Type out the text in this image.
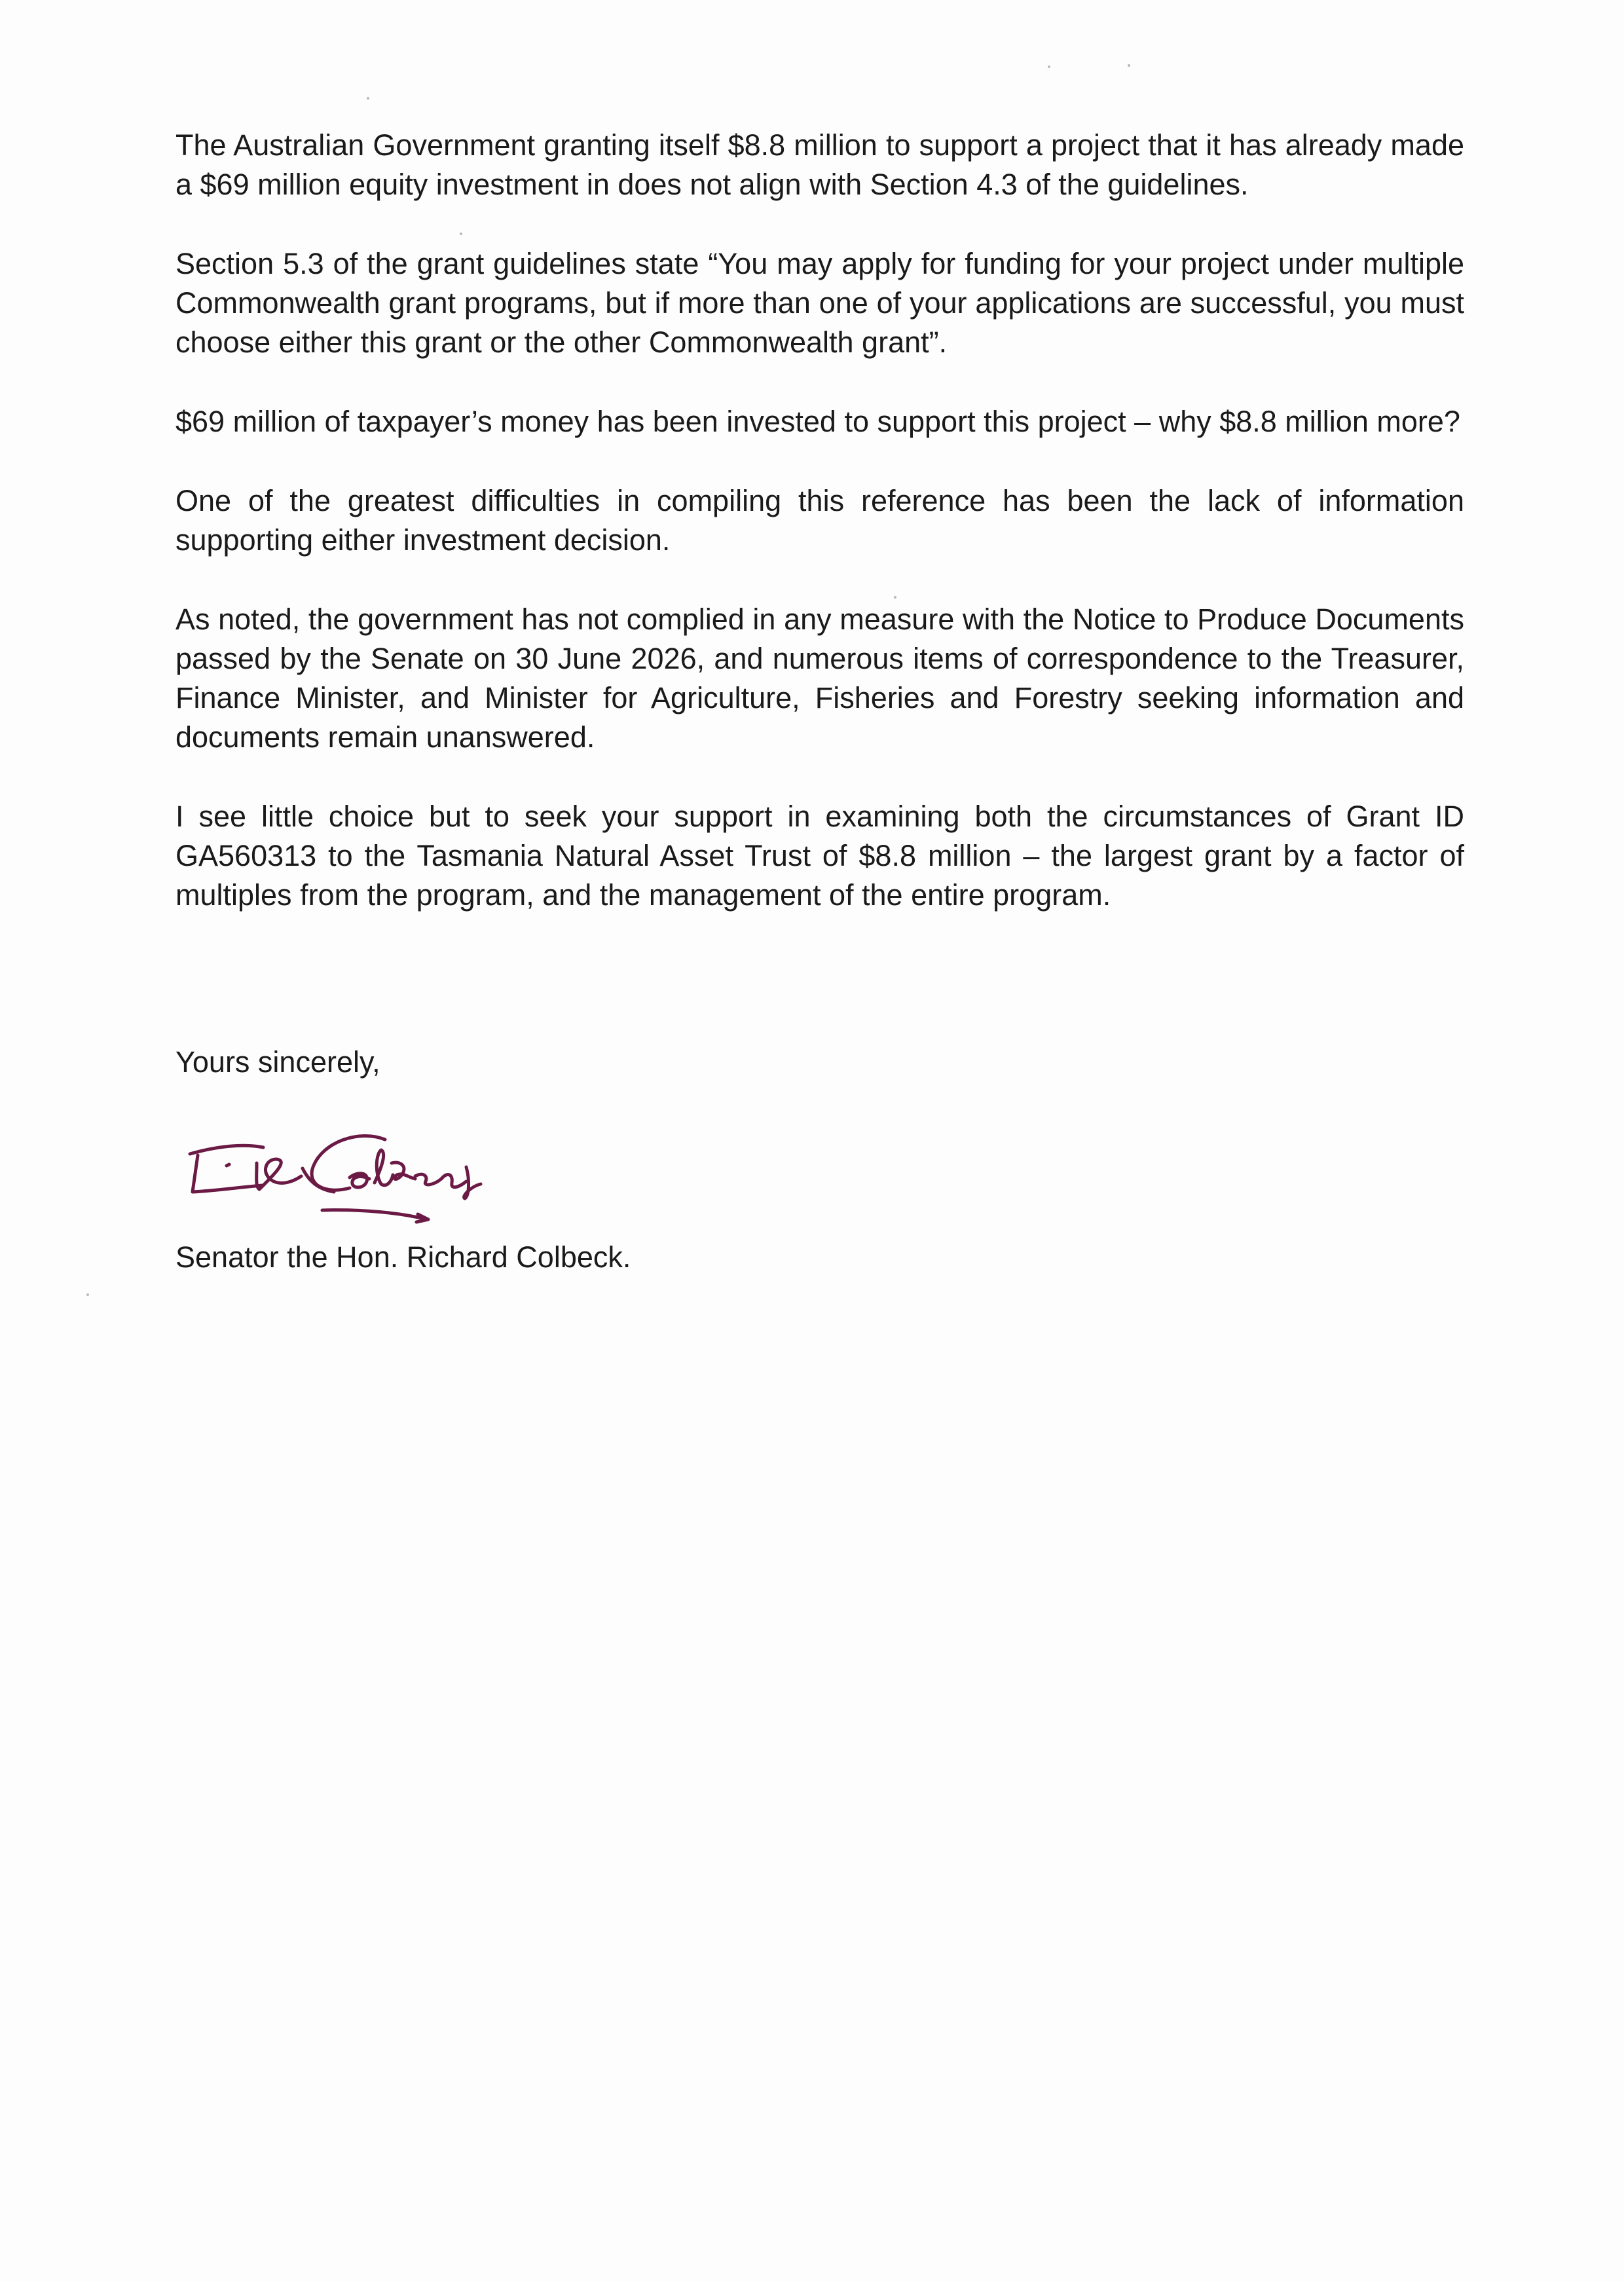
The Australian Government granting itself $8.8 million to support a project that it has already made a $69 million equity investment in does not align with Section 4.3 of the guidelines.

Section 5.3 of the grant guidelines state “You may apply for funding for your project under multiple Commonwealth grant programs, but if more than one of your applications are successful, you must choose either this grant or the other Commonwealth grant”.

$69 million of taxpayer’s money has been invested to support this project – why $8.8 million more?

One of the greatest difficulties in compiling this reference has been the lack of information supporting either investment decision.

As noted, the government has not complied in any measure with the Notice to Produce Documents passed by the Senate on 30 June 2026, and numerous items of correspondence to the Treasurer, Finance Minister, and Minister for Agriculture, Fisheries and Forestry seeking information and documents remain unanswered.

I see little choice but to seek your support in examining both the circumstances of Grant ID GA560313 to the Tasmania Natural Asset Trust of $8.8 million – the largest grant by a factor of multiples from the program, and the management of the entire program.

Yours sincerely,

Senator the Hon. Richard Colbeck.
